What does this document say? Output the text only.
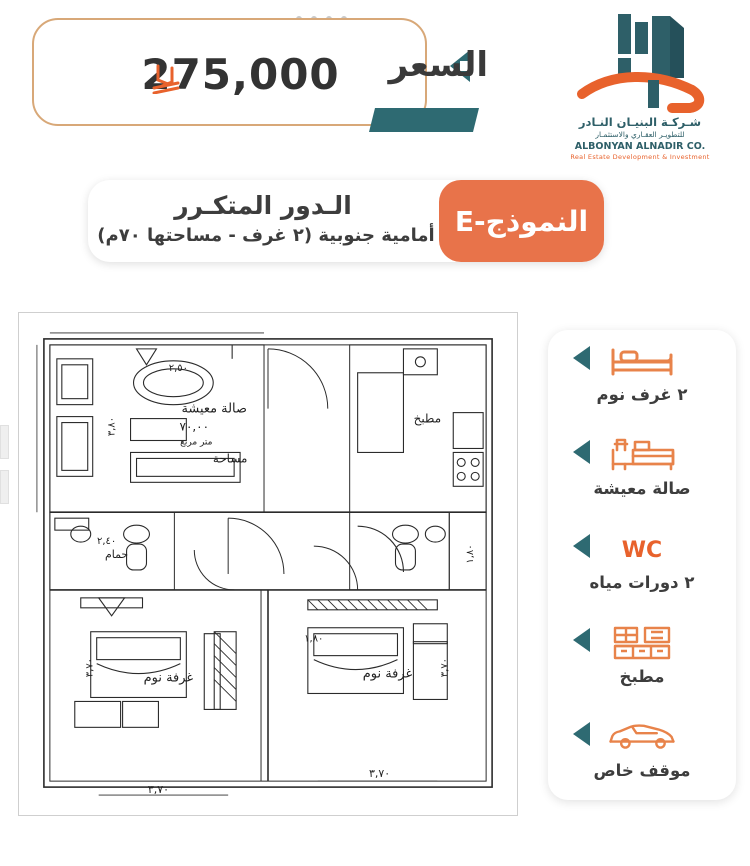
275,000	السعر
شـركـة البنيـان النـادر
للتطويـر العقـاري والاستثمـار
ALBONYAN ALNADIR CO.
Real Estate Development & Investment
الـدور المتكـرر
أمامية جنوبية (٢ غرف - مساحتها ٧٠م) النموذج-E
صالة معيشة
٧٠,٠٠
متر مربع
مساحة
مطبخ
حمام
غرفة نوم	غرفة نوم
٢,٥٠
٣,٨٠
٢,٤٠
٣,٧٠
٣,٧٠
٣,٧٠	٣,٧٠
١,٨٠
١,٨٠
٢ غرف نوم
صالة معيشة
WC
٢ دورات مياه
مطبخ
موقف خاص
